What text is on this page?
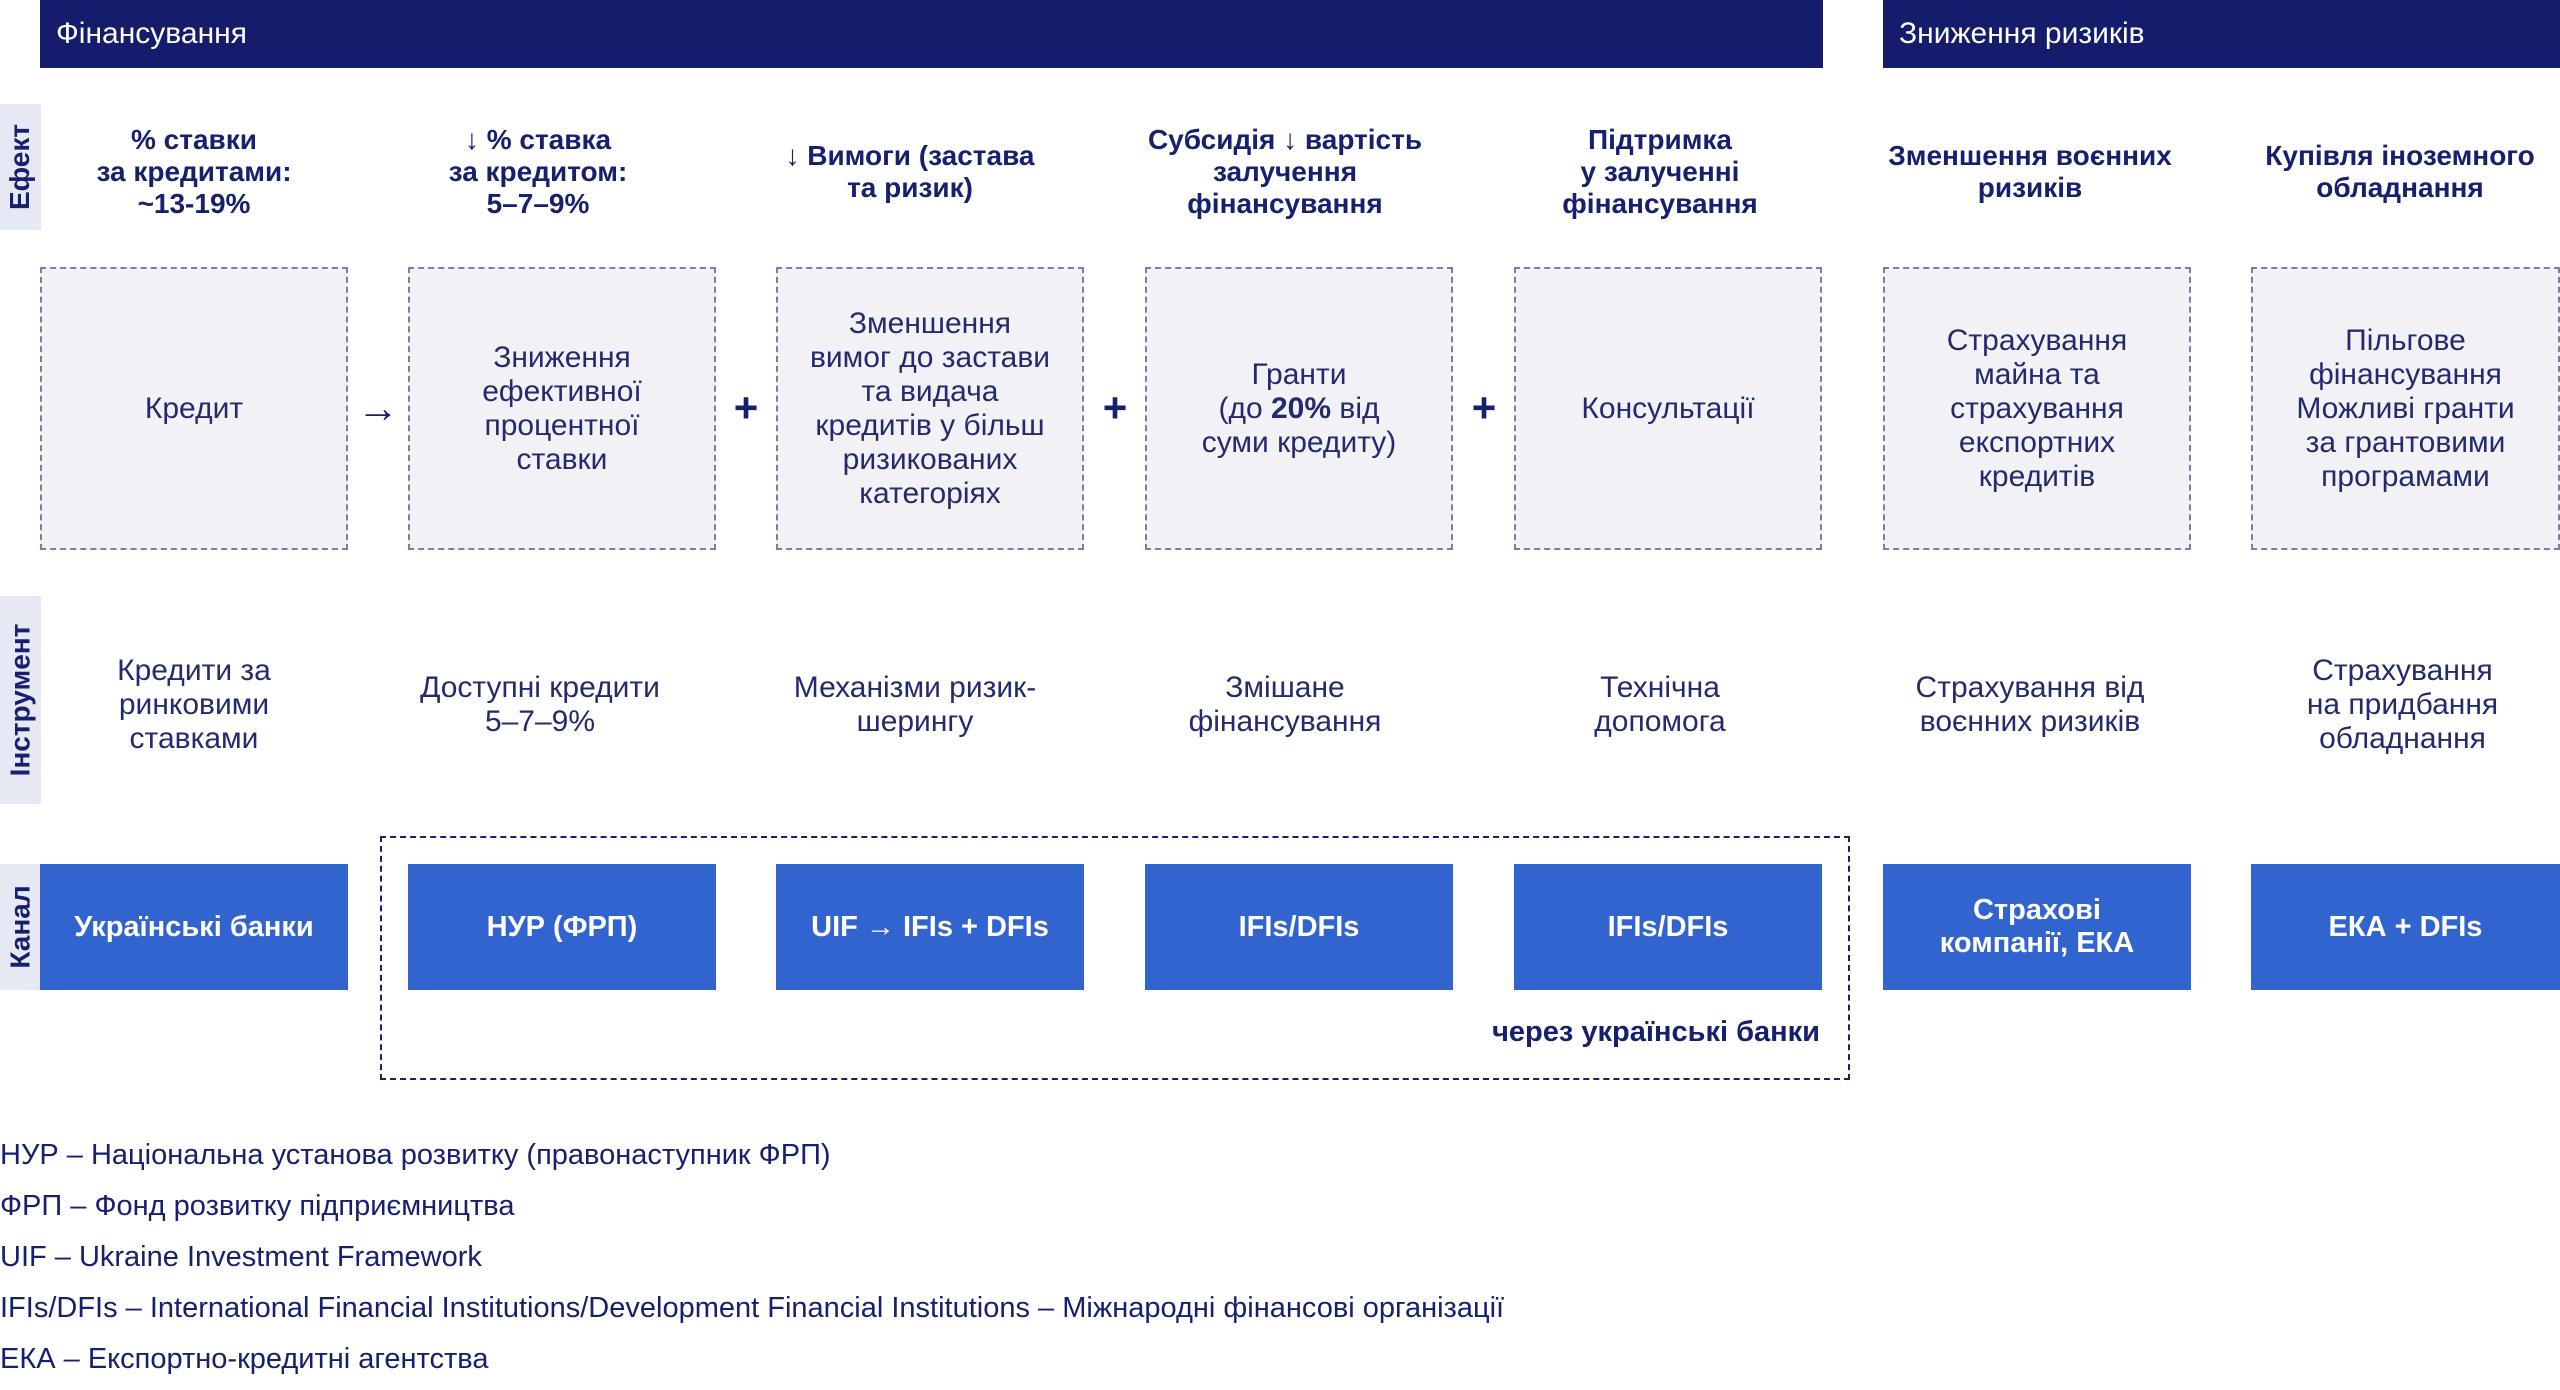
Фінансування	Зниження ризиків
Ефект
Інструмент
Канал
% ставки
за кредитами:
~13-19%
↓ % ставка
за кредитом:
5–7–9%
↓ Вимоги (застава
та ризик)
Субсидія ↓ вартість
залучення
фінансування
Підтримка
у залученні
фінансування
Зменшення воєнних
ризиків
Купівля іноземного
обладнання
Кредит
Зниження
ефективної
процентної
ставки
Зменшення
вимог до застави
та видача
кредитів у більш
ризикованих
категоріях
Гранти
(до 20% від
суми кредиту)
Консультації
Страхування
майна та
страхування
експортних
кредитів
Пільгове
фінансування
Можливі гранти
за грантовими
програмами
→	+	+	+
Кредити за
ринковими
ставками
Доступні кредити
5–7–9%
Механізми ризик-
шерингу
Змішане
фінансування
Технічна
допомога
Страхування від
воєнних ризиків
Страхування
на придбання
обладнання
через українські банки
Українські банки	НУР (ФРП)	UIF → IFIs + DFIs	IFIs/DFIs	IFIs/DFIs
Страхові
компанії, ЕКА
ЕКА + DFIs
НУР – Національна установа розвитку (правонаступник ФРП)
ФРП – Фонд розвитку підприємництва
UIF – Ukraine Investment Framework
IFIs/DFIs – International Financial Institutions/Development Financial Institutions – Міжнародні фінансові організації
ЕКА – Експортно-кредитні агентства
